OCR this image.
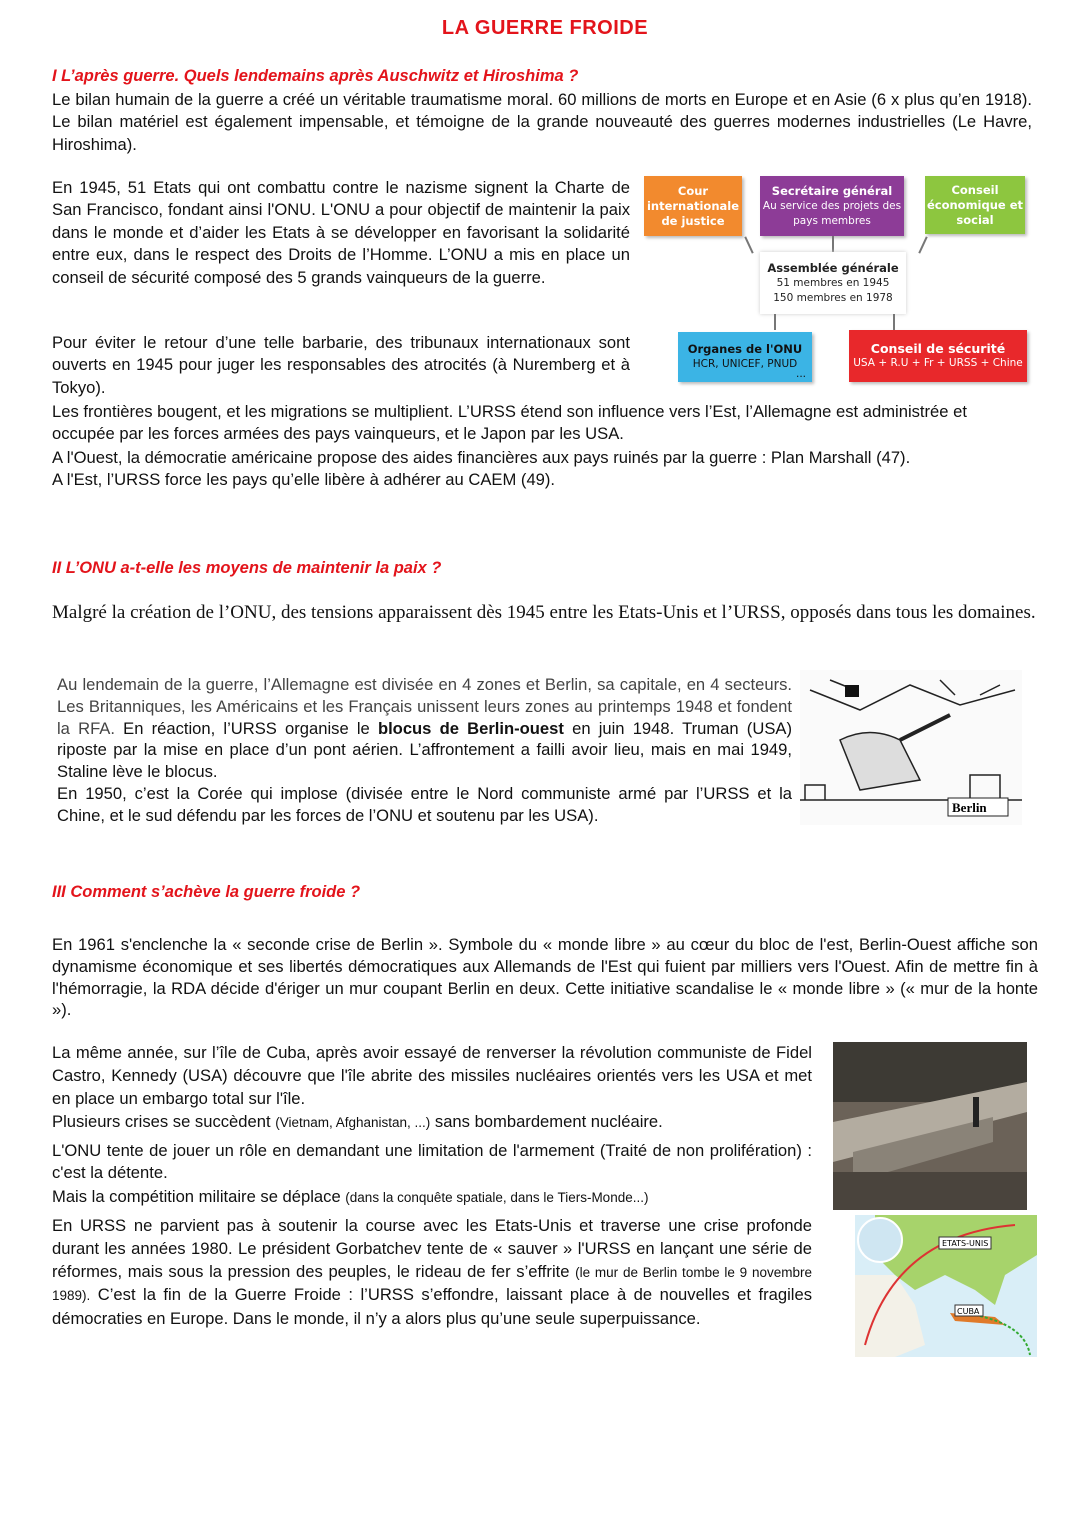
LA GUERRE FROIDE
I L’après guerre. Quels lendemains après Auschwitz et Hiroshima ?
Le bilan humain de la guerre a créé un véritable traumatisme moral. 60 millions de morts en Europe et en Asie (6 x plus qu’en 1918). Le bilan matériel est également impensable, et témoigne de la grande nouveauté des guerres modernes industrielles (Le Havre, Hiroshima).
En 1945, 51 Etats qui ont combattu contre le nazisme signent la Charte de San Francisco, fondant ainsi l'ONU. L'ONU a pour objectif de maintenir la paix dans le monde et d’aider les Etats à se développer en favorisant la solidarité entre eux, dans le respect des Droits de l’Homme. L’ONU a mis en place un conseil de sécurité composé des 5 grands vainqueurs de la guerre.
Pour éviter le retour d’une telle barbarie, des tribunaux internationaux sont ouverts en 1945 pour juger les responsables des atrocités (à Nuremberg et à Tokyo).
Les frontières bougent, et les migrations se multiplient. L’URSS étend son influence vers l’Est, l’Allemagne est administrée et occupée par les forces armées des pays vainqueurs, et le Japon par les USA.
A l'Ouest, la démocratie américaine propose des aides financières aux pays ruinés par la guerre : Plan Marshall (47).
A l'Est, l’URSS force les pays qu’elle libère à adhérer au CAEM (49).
Cour internationale de justice
Secrétaire général
Au service des projets des pays membres
Conseil économique et social
Assemblée générale
51 membres en 1945
150 membres en 1978
Organes de l'ONU
HCR, UNICEF, PNUD
...
Conseil de sécurité
USA + R.U + Fr + URSS + Chine
II L’ONU a-t-elle les moyens de maintenir la paix ?
Malgré la création de l’ONU, des tensions apparaissent dès 1945 entre les Etats-Unis et l’URSS, opposés dans tous les domaines.
Au lendemain de la guerre, l’Allemagne est divisée en 4 zones et Berlin, sa capitale, en 4 secteurs. Les Britanniques, les Américains et les Français unissent leurs zones au printemps 1948 et fondent la RFA. En réaction, l’URSS organise le blocus de Berlin-ouest en juin 1948. Truman (USA) riposte par la mise en place d’un pont aérien. L’affrontement a failli avoir lieu, mais en mai 1949, Staline lève le blocus.
En 1950, c’est la Corée qui implose (divisée entre le Nord communiste armé par l’URSS et la Chine, et le sud défendu par les forces de l’ONU et soutenu par les USA).	Berlin
III Comment s’achève la guerre froide ?
En 1961 s'enclenche la « seconde crise de Berlin ». Symbole du « monde libre » au cœur du bloc de l'est, Berlin-Ouest affiche son dynamisme économique et ses libertés démocratiques aux Allemands de l'Est qui fuient par milliers vers l'Ouest. Afin de mettre fin à l'hémorragie, la RDA décide d'ériger un mur coupant Berlin en deux. Cette initiative scandalise le « monde libre » (« mur de la honte »).
La même année, sur l’île de Cuba, après avoir essayé de renverser la révolution communiste de Fidel Castro, Kennedy (USA) découvre que l'île abrite des missiles nucléaires orientés vers les USA et met en place un embargo total sur l'île.
Plusieurs crises se succèdent (Vietnam, Afghanistan, ...) sans bombardement nucléaire.
L'ONU tente de jouer un rôle en demandant une limitation de l'armement (Traité de non prolifération) : c'est la détente.
Mais la compétition militaire se déplace (dans la conquête spatiale, dans le Tiers-Monde...)
En URSS ne parvient pas à soutenir la course avec les Etats-Unis et traverse une crise profonde durant les années 1980. Le président Gorbatchev tente de « sauver » l'URSS en lançant une série de réformes, mais sous la pression des peuples, le rideau de fer s’effrite (le mur de Berlin tombe le 9 novembre 1989). C’est la fin de la Guerre Froide : l’URSS s’effondre, laissant place à de nouvelles et fragiles démocraties en Europe. Dans le monde, il n’y a alors plus qu’une seule superpuissance.
ETATS-UNIS
CUBA
